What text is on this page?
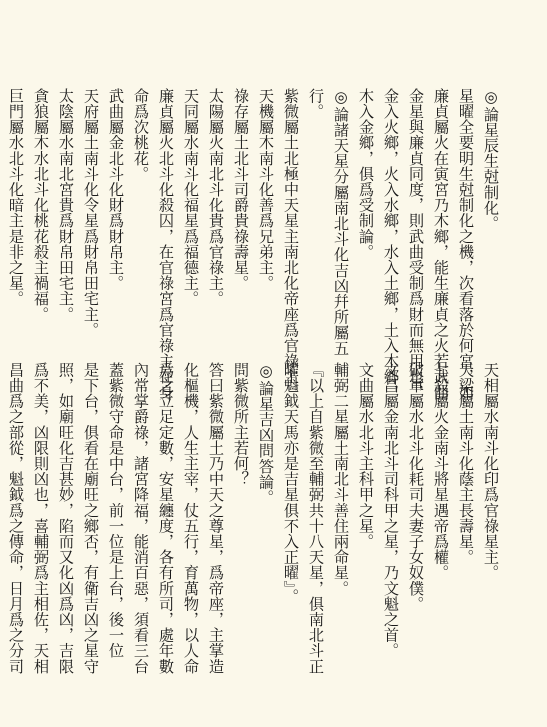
◎論星辰生尅制化。
星曜全要明生尅制化之機，次看落於何宮，如
廉貞屬火在寅宮乃木鄉，能生廉貞之火若武曲
金星與廉貞同度，則武曲受制爲財而無用也，
金入火鄉，火入水鄉，水入土鄉，土入木鄉，
木入金鄉，俱爲受制論。
◎論諸天星分屬南北斗化吉凶幷所屬五
行。
紫微屬土北極中天星主南北化帝座爲官祿主。
天機屬木南斗化善爲兄弟主。
祿存屬土北斗司爵貴祿壽星。
太陽屬火南北斗化貴爲官祿主。
天同屬水南斗化福星爲福德主。
廉貞屬火北斗化殺囚，在官祿宮爲官祿主在身
命爲次桃花。
武曲屬金北斗化財爲財帛主。
天府屬土南斗化令星爲財帛田宅主。
太陰屬水南北宮貴爲財帛田宅主。
貪狼屬木水北斗化桃花殺主禍福。
巨門屬水北斗化暗主是非之星。
天相屬水南斗化印爲官祿星主。
天梁屬土南斗化蔭主長壽星。
七殺屬火金南斗將星遇帝爲權。
破軍屬水北斗化耗司夫妻子女奴僕。
文昌屬金南北斗司科甲之星，乃文魁之首。
文曲屬水北斗主科甲之星。
輔弼二星屬土南北斗善住兩命星。
『以上自紫微至輔弼共十八天星，俱南北斗正
曜魁鉞天馬亦是吉星俱不入正曜』。
◎論星吉凶問答論。
問紫微所主若何？
答曰紫微屬土乃中天之尊星，爲帝座，主掌造
化樞機，人生主宰，仗五行，育萬物，以人命
爲之立足定數，安星纏度，各有所司，處年數
內常掌爵祿，諸宮降福，能消百惡，須看三台
蓋紫微守命是中台，前一位是上台，後一位
是下台，俱看在廟旺之鄉否，有衛吉凶之星守
照，如廟旺化吉甚妙，陷而又化凶爲凶，吉限
爲不美，凶限則凶也，喜輔弼爲主相佐，天相
昌曲爲之部從，魁鉞爲之傳命，日月爲之分司
